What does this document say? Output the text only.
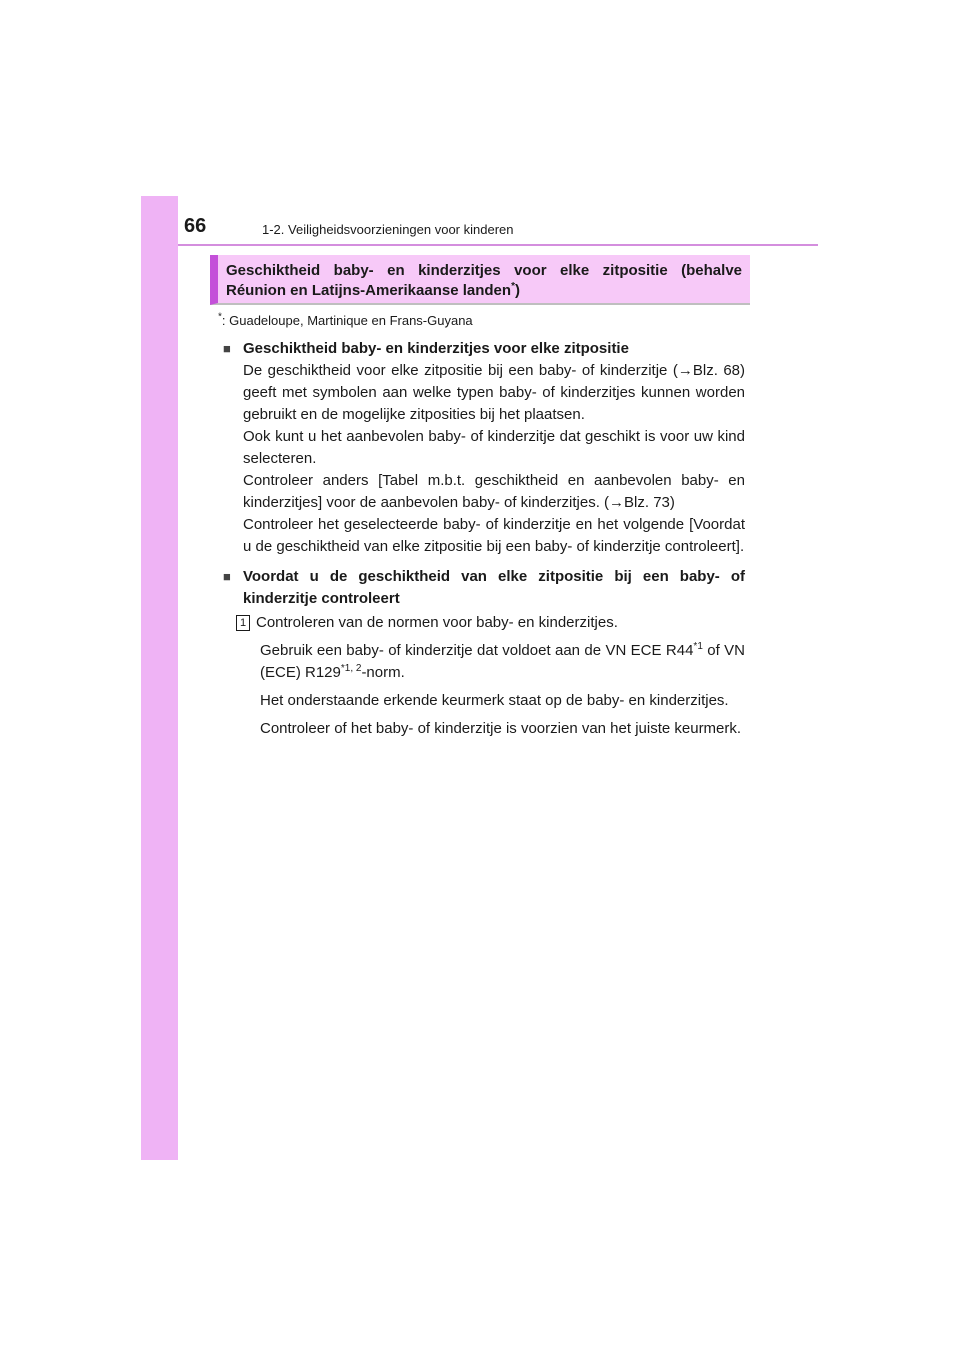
66	1-2. Veiligheidsvoorzieningen voor kinderen
Geschiktheid baby- en kinderzitjes voor elke zitpositie (behalve
Réunion en Latijns-Amerikaanse landen*)
*: Guadeloupe, Martinique en Frans-Guyana
■ Geschiktheid baby- en kinderzitjes voor elke zitpositie
De geschiktheid voor elke zitpositie bij een baby- of kinderzitje (→Blz. 68) geeft met symbolen aan welke typen baby- of kinderzitjes kunnen worden gebruikt en de mogelijke zitposities bij het plaatsen.
Ook kunt u het aanbevolen baby- of kinderzitje dat geschikt is voor uw kind selecteren.
Controleer anders [Tabel m.b.t. geschiktheid en aanbevolen baby- en kinderzitjes] voor de aanbevolen baby- of kinderzitjes. (→Blz. 73)
Controleer het geselecteerde baby- of kinderzitje en het volgende [Voordat u de geschiktheid van elke zitpositie bij een baby- of kinderzitje controleert].
■ Voordat u de geschiktheid van elke zitpositie bij een baby- of kinderzitje controleert
1 Controleren van de normen voor baby- en kinderzitjes.
Gebruik een baby- of kinderzitje dat voldoet aan de VN ECE R44$^{*1}$ of VN (ECE) R129$^{*1, 2}$-norm.
Het onderstaande erkende keurmerk staat op de baby- en kinderzitjes.
Controleer of het baby- of kinderzitje is voorzien van het juiste keurmerk.
